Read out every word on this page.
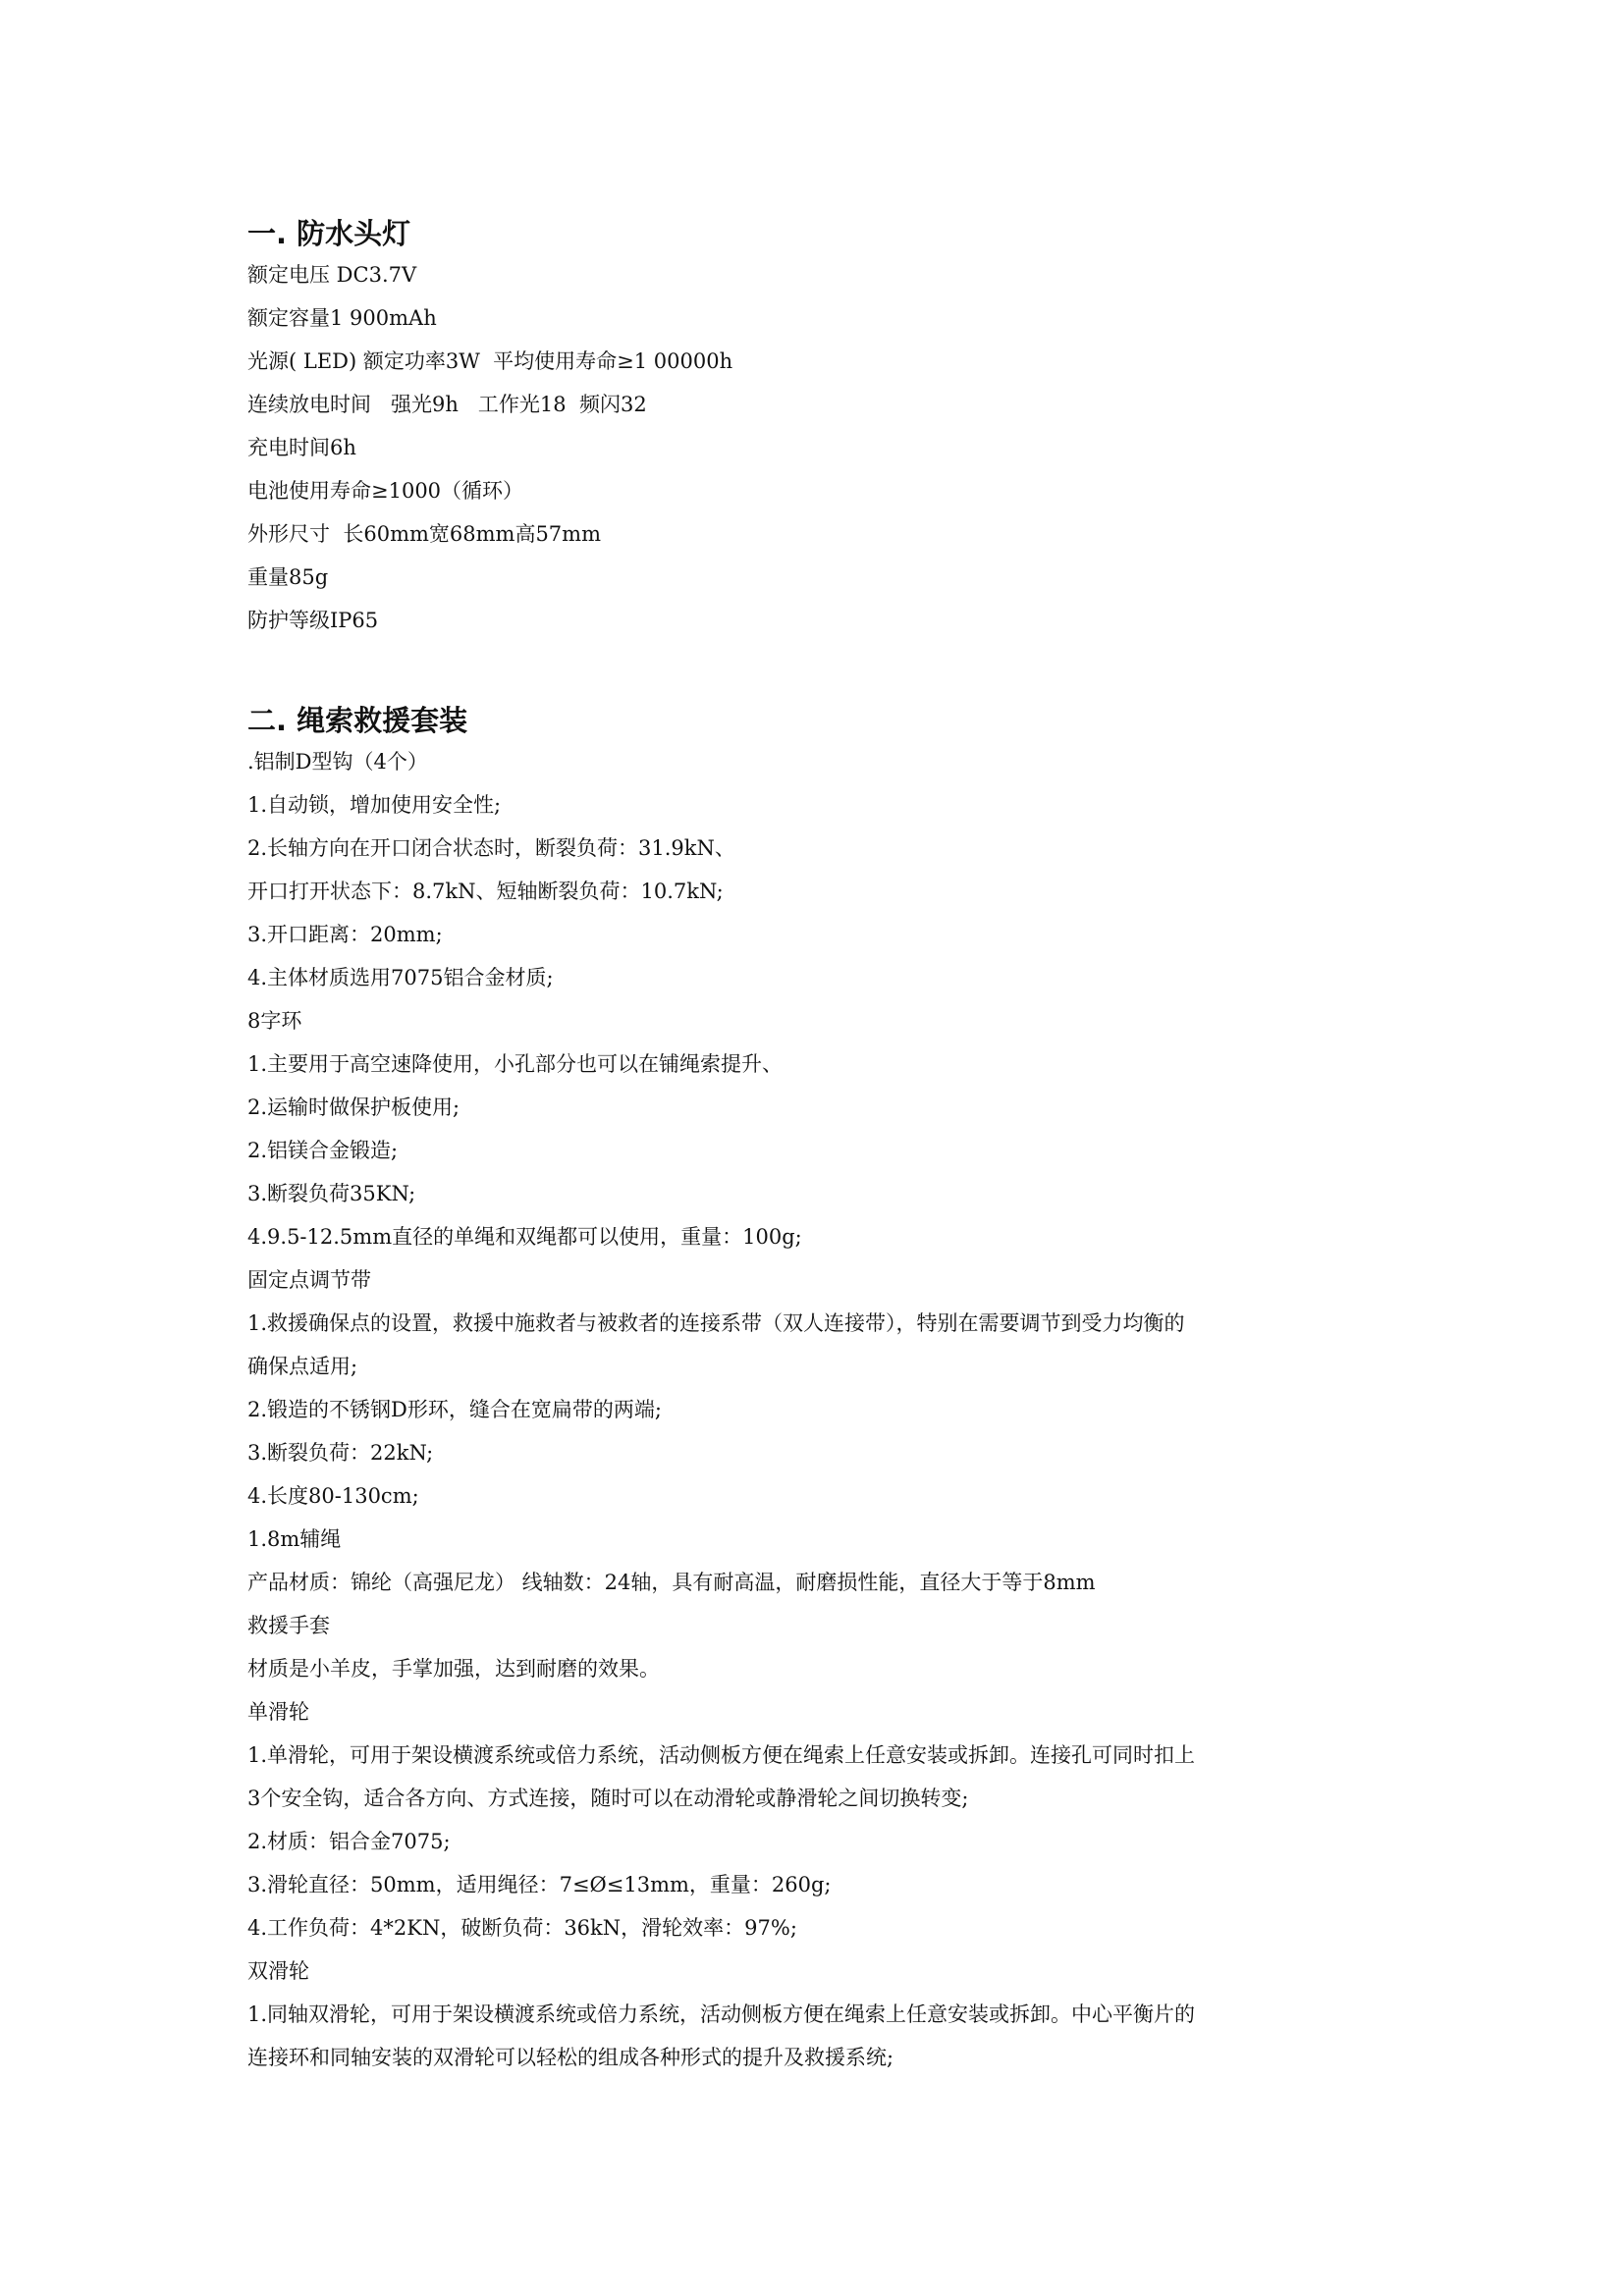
一. 防水头灯
额定电压 DC3.7V
额定容量1 900mAh
光源( LED) 额定功率3W  平均使用寿命≥1 00000h
连续放电时间   强光9h   工作光18  频闪32
充电时间6h
电池使用寿命≥1000（循环）
外形尺寸  长60mm宽68mm高57mm
重量85g
防护等级IP65
二. 绳索救援套装
.铝制D型钩（4个）
1.自动锁，增加使用安全性;
2.长轴方向在开口闭合状态时，断裂负荷：31.9kN、
开口打开状态下：8.7kN、短轴断裂负荷：10.7kN;
3.开口距离：20mm;
4.主体材质选用7075铝合金材质;
8字环
1.主要用于高空速降使用，小孔部分也可以在铺绳索提升、
2.运输时做保护板使用;
2.铝镁合金锻造;
3.断裂负荷35KN;
4.9.5-12.5mm直径的单绳和双绳都可以使用，重量：100g;
固定点调节带
1.救援确保点的设置，救援中施救者与被救者的连接系带（双人连接带），特别在需要调节到受力均衡的
确保点适用;
2.锻造的不锈钢D形环，缝合在宽扁带的两端;
3.断裂负荷：22kN;
4.长度80-130cm;
1.8m辅绳
产品材质：锦纶（高强尼龙） 线轴数：24轴，具有耐高温，耐磨损性能，直径大于等于8mm
救援手套
材质是小羊皮，手掌加强，达到耐磨的效果。
单滑轮
1.单滑轮，可用于架设横渡系统或倍力系统，活动侧板方便在绳索上任意安装或拆卸。连接孔可同时扣上
3个安全钩，适合各方向、方式连接，随时可以在动滑轮或静滑轮之间切换转变;
2.材质：铝合金7075;
3.滑轮直径：50mm，适用绳径：7≤Ø≤13mm，重量：260g;
4.工作负荷：4*2KN，破断负荷：36kN，滑轮效率：97%;
双滑轮
1.同轴双滑轮，可用于架设横渡系统或倍力系统，活动侧板方便在绳索上任意安装或拆卸。中心平衡片的
连接环和同轴安装的双滑轮可以轻松的组成各种形式的提升及救援系统;
